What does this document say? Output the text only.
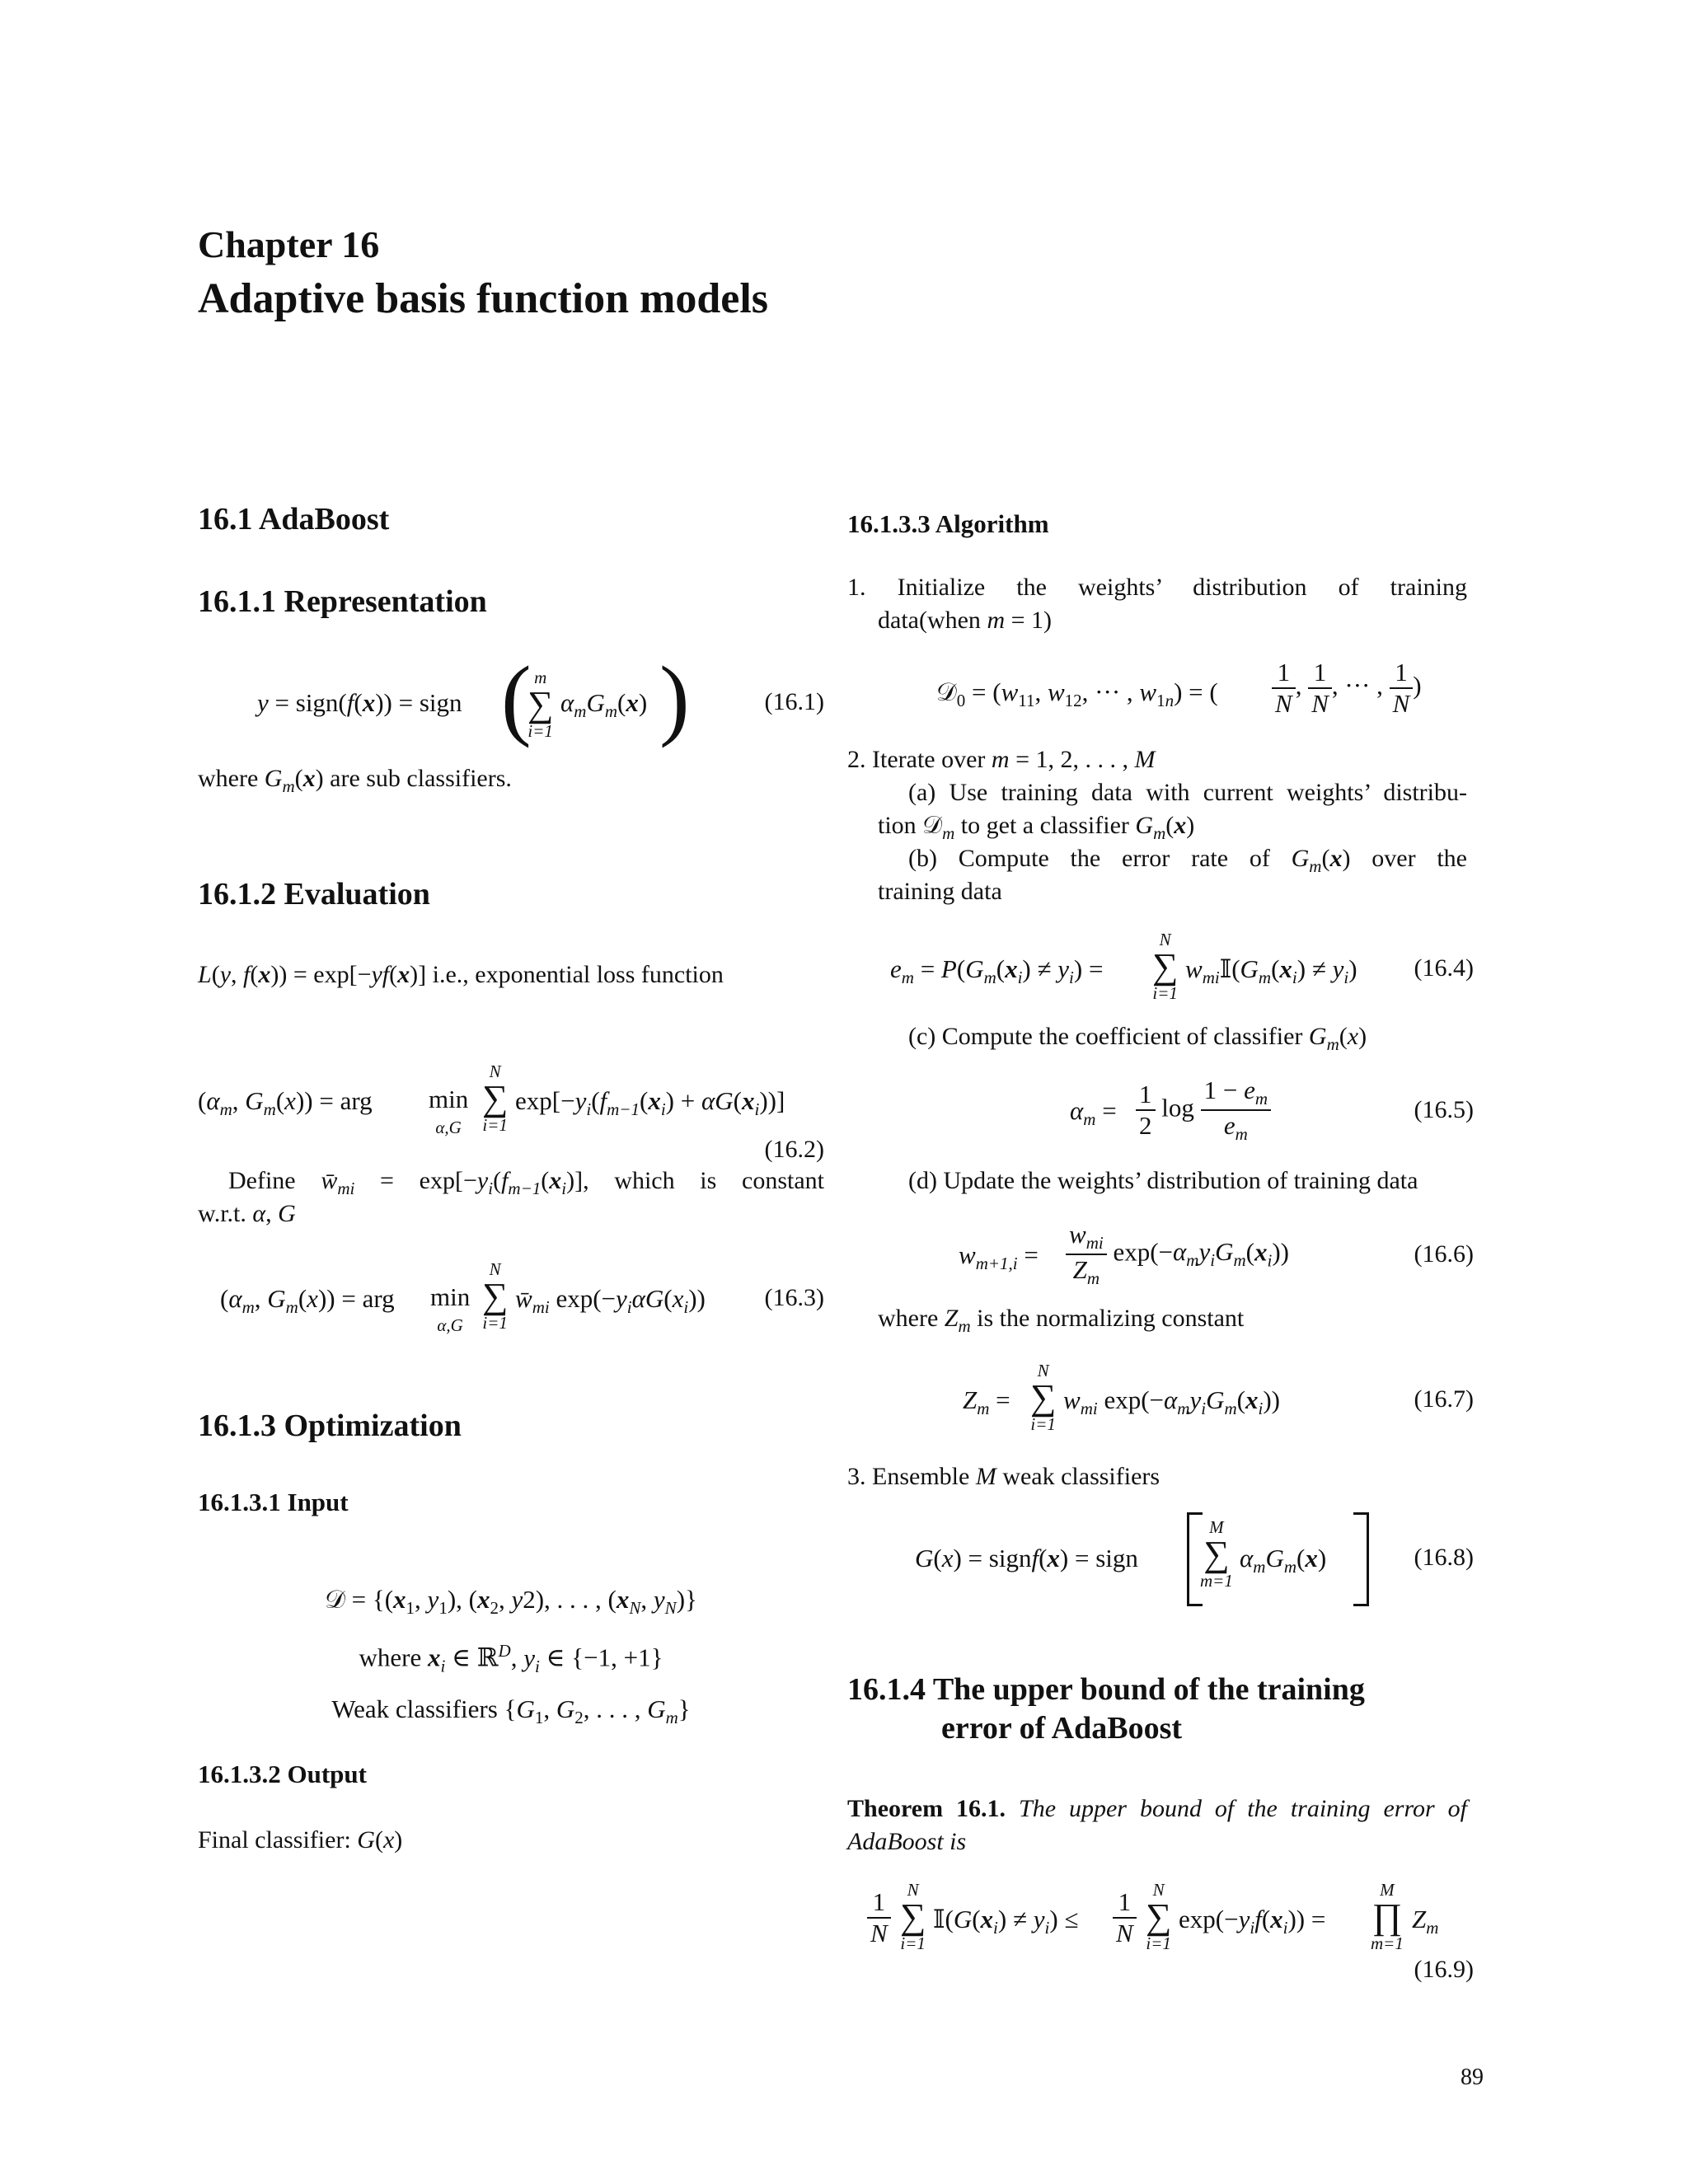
Chapter 16
Adaptive basis function models
16.1 AdaBoost
16.1.1 Representation
y = sign(f(x)) = sign ( m
∑
i=1
$\alpha_mG_m(x)$ )	(16.1)
where $G_m(x)$ are sub classifiers.
16.1.2 Evaluation
L(y, f(x)) = exp[−yf(x)] i.e., exponential loss function
($\alpha_m$, $G_m(x)$) = arg min
α,G
N
∑
i=1
$\exp[-y_i(f_{m-1}(x_i) + \alpha G(x_i))]$
(16.2)
Define $w̄_{mi} = \exp[-y_i(f_{m-1}(x_i)]$, which is constant
w.r.t. α, G
($\alpha_m$, $G_m(x)$) = arg min
α,G
N
∑
i=1
$w̄_{mi}$ $\exp(-y_i\alpha G(x_i))$ (16.3)
16.1.3 Optimization
16.1.3.1 Input
𝒟 = {($x_1$, $y_1$), ($x_2$, y2), . . . , ($x_N$, $y_N$)}
where $x_i$ ∈ ℝ$^D$, $y_i$ ∈ {−1, +1}
Weak classifiers {$G_1$, $G_2$, . . . , $G_m$}
16.1.3.2 Output
Final classifier: G(x)
16.1.3.3 Algorithm
1. Initialize the weights’ distribution of training
data(when m = 1)
𝒟$_0$ = ($w_{11}$, $w_{12}$, ··· , $w_{1n}$) = ( $\frac{1}{N}$ , $\frac{1}{N}$ , ··· , $\frac{1}{N}$ )
2. Iterate over m = 1, 2, . . . , M
(a) Use training data with current weights’ distribu-
tion 𝒟$_m$ to get a classifier $G_m(x)$
(b) Compute the error rate of $G_m(x)$ over the
training data
$e_m = P(G_m(x_i) \ne y_i)$ =
N
∑
i=1
$w_{mi}𝕀(G_m(x_i) \ne y_i)$ (16.4)
(c) Compute the coefficient of classifier $G_m(x)$
$\alpha_m = \frac{1}{2}$ $\log \frac{1 - e_m}{e_m}$	(16.5)
(d) Update the weights’ distribution of training data
$w_{m+1,i} = \frac{w_{mi}}{Z_m} \exp(-\alpha_my_iG_m(x_i))$	(16.6)
where $Z_m$ is the normalizing constant
$Z_m$ =
N
∑
i=1
$w_{mi}$ $\exp(-\alpha_my_iG_m(x_i))$	(16.7)
3. Ensemble M weak classifiers
G(x) = signf(x) = sign
M
∑
m=1
$\alpha_mG_m(x)$	(16.8)
16.1.4 The upper bound of the training
error of AdaBoost
Theorem 16.1. The upper bound of the training error of
AdaBoost is
$\frac{1}{N}$ N
∑
i=1
$𝕀(G(x_i) \ne y_i) \le \frac{1}{N}$ N
∑
i=1
$\exp(-y_if(x_i))$ =
M
∏
m=1
$Z_m$
(16.9)
89
